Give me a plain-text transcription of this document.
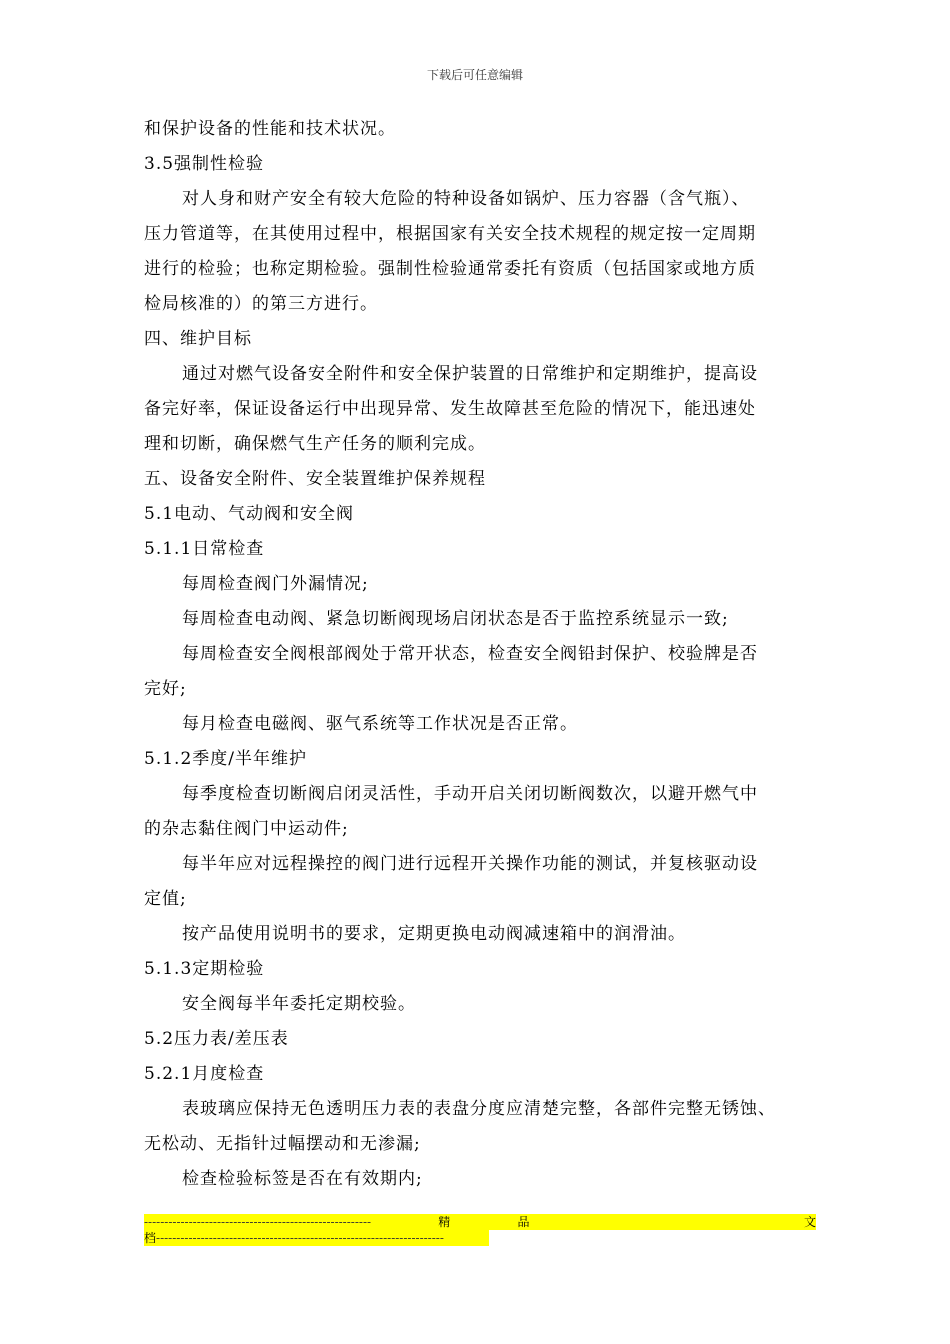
下载后可任意编辑
和保护设备的性能和技术状况。
3.5强制性检验
对人身和财产安全有较大危险的特种设备如锅炉、压力容器（含气瓶）、
压力管道等，在其使用过程中，根据国家有关安全技术规程的规定按一定周期
进行的检验；也称定期检验。强制性检验通常委托有资质（包括国家或地方质
检局核准的）的第三方进行。
四、维护目标
通过对燃气设备安全附件和安全保护装置的日常维护和定期维护，提高设
备完好率，保证设备运行中出现异常、发生故障甚至危险的情况下，能迅速处
理和切断，确保燃气生产任务的顺利完成。
五、设备安全附件、安全装置维护保养规程
5.1电动、气动阀和安全阀
5.1.1日常检查
每周检查阀门外漏情况;
每周检查电动阀、紧急切断阀现场启闭状态是否于监控系统显示一致;
每周检查安全阀根部阀处于常开状态，检查安全阀铅封保护、校验牌是否
完好;
每月检查电磁阀、驱气系统等工作状况是否正常。
5.1.2季度/半年维护
每季度检查切断阀启闭灵活性，手动开启关闭切断阀数次，以避开燃气中
的杂志黏住阀门中运动件;
每半年应对远程操控的阀门进行远程开关操作功能的测试，并复核驱动设
定值;
按产品使用说明书的要求，定期更换电动阀减速箱中的润滑油。
5.1.3定期检验
安全阀每半年委托定期校验。
5.2压力表/差压表
5.2.1月度检查
表玻璃应保持无色透明压力表的表盘分度应清楚完整，各部件完整无锈蚀、
无松动、无指针过幅摆动和无渗漏;
检查检验标签是否在有效期内;
--------------------------------------------------------	精	品	文
档-----------------------------------------------------------------------
